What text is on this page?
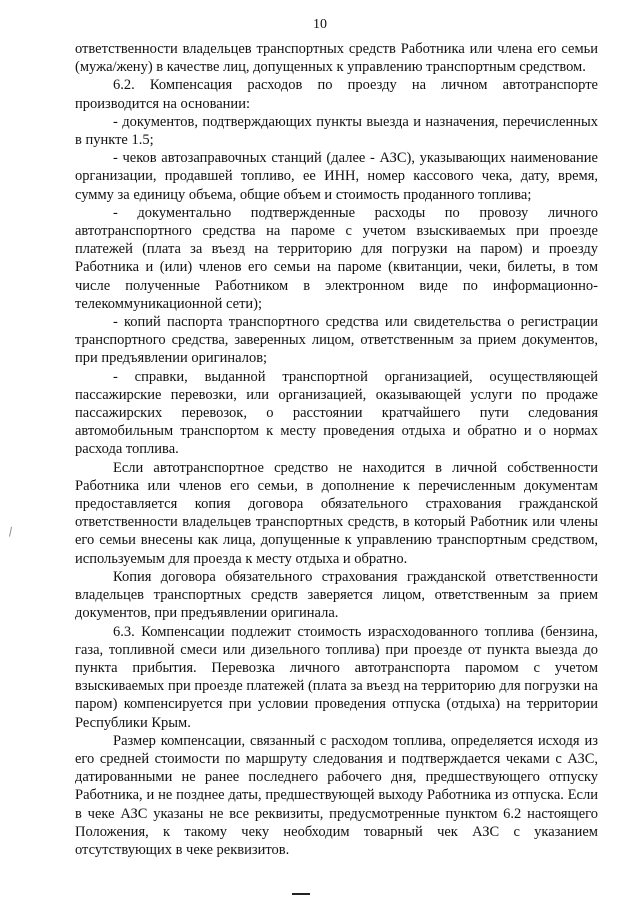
10

ответственности владельцев транспортных средств Работника или члена его семьи (мужа/жену) в качестве лиц, допущенных к управлению транспортным средством.

6.2. Компенсация расходов по проезду на личном автотранспорте производится на основании:

- документов, подтверждающих пункты выезда и назначения, перечисленных в пункте 1.5;

- чеков автозаправочных станций (далее - АЗС), указывающих наименование организации, продавшей топливо, ее ИНН, номер кассового чека, дату, время, сумму за единицу объема, общие объем и стоимость проданного топлива;

- документально подтвержденные расходы по провозу личного автотранспортного средства на пароме с учетом взыскиваемых при проезде платежей (плата за въезд на территорию для погрузки на паром) и проезду Работника и (или) членов его семьи на пароме (квитанции, чеки, билеты, в том числе полученные Работником в электронном виде по информационно-телекоммуникационной сети);

- копий паспорта транспортного средства или свидетельства о регистрации транспортного средства, заверенных лицом, ответственным за прием документов, при предъявлении оригиналов;

- справки, выданной транспортной организацией, осуществляющей пассажирские перевозки, или организацией, оказывающей услуги по продаже пассажирских перевозок, о расстоянии кратчайшего пути следования автомобильным транспортом к месту проведения отдыха и обратно и о нормах расхода топлива.

Если автотранспортное средство не находится в личной собственности Работника или членов его семьи, в дополнение к перечисленным документам предоставляется копия договора обязательного страхования гражданской ответственности владельцев транспортных средств, в который Работник или члены его семьи внесены как лица, допущенные к управлению транспортным средством, используемым для проезда к месту отдыха и обратно.

Копия договора обязательного страхования гражданской ответственности владельцев транспортных средств заверяется лицом, ответственным за прием документов, при предъявлении оригинала.

6.3. Компенсации подлежит стоимость израсходованного топлива (бензина, газа, топливной смеси или дизельного топлива) при проезде от пункта выезда до пункта прибытия. Перевозка личного автотранспорта паромом с учетом взыскиваемых при проезде платежей (плата за въезд на территорию для погрузки на паром) компенсируется при условии проведения отпуска (отдыха) на территории Республики Крым.

Размер компенсации, связанный с расходом топлива, определяется исходя из его средней стоимости по маршруту следования и подтверждается чеками с АЗС, датированными не ранее последнего рабочего дня, предшествующего отпуску Работника, и не позднее даты, предшествующей выходу Работника из отпуска. Если в чеке АЗС указаны не все реквизиты, предусмотренные пунктом 6.2 настоящего Положения, к такому чеку необходим товарный чек АЗС с указанием отсутствующих в чеке реквизитов.
